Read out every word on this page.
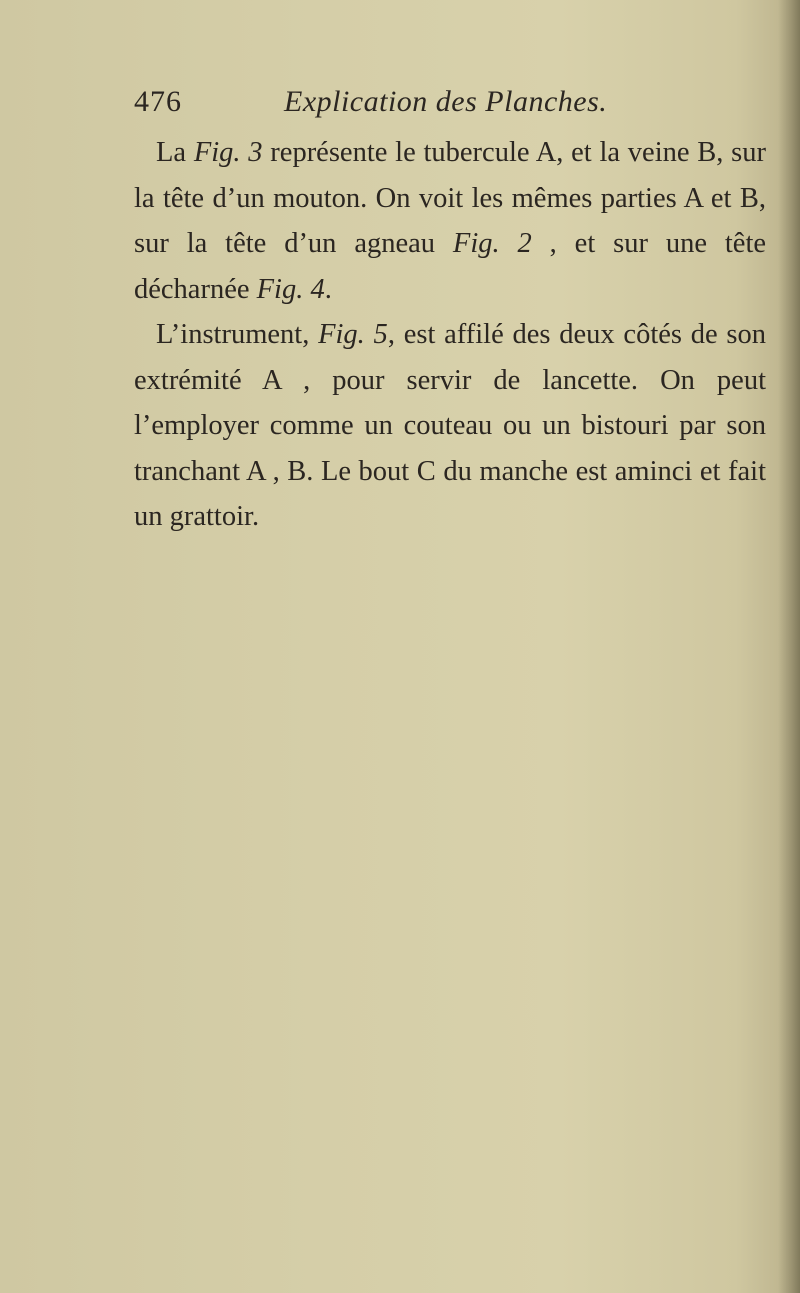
476	Explication des Planches.

La Fig. 3 représente le tubercule A, et la veine B, sur la tête d’un mouton. On voit les mêmes parties A et B, sur la tête d’un agneau Fig. 2 , et sur une tête décharnée Fig. 4.

L’instrument, Fig. 5, est affilé des deux côtés de son extrémité A , pour servir de lancette. On peut l’employer comme un couteau ou un bistouri par son tranchant A , B. Le bout C du manche est aminci et fait un grattoir.
